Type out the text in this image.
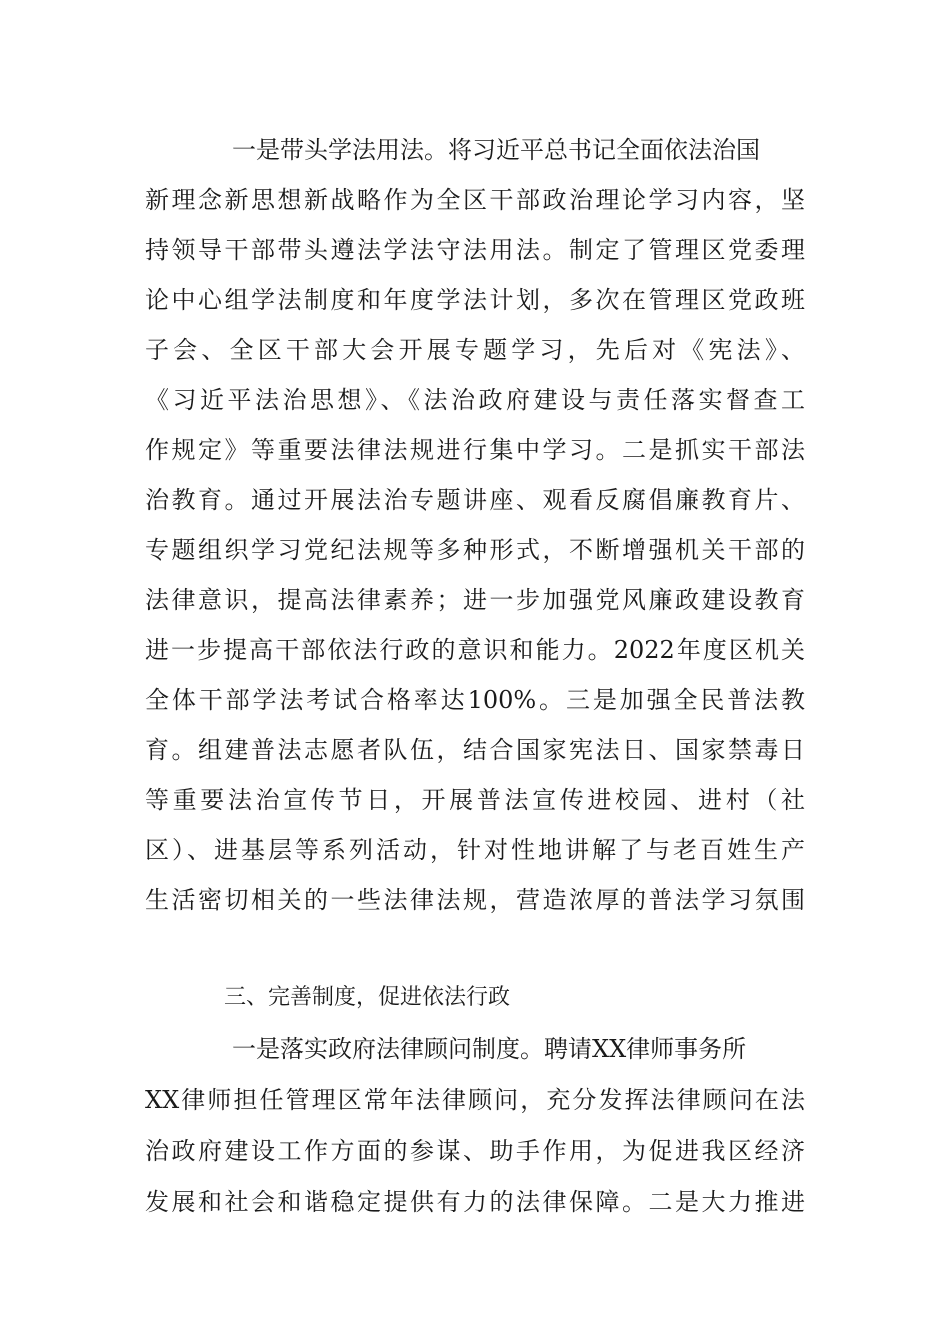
一是带头学法用法。将习近平总书记全面依法治国
新理念新思想新战略作为全区干部政治理论学习内容，坚
持领导干部带头遵法学法守法用法。制定了管理区党委理
论中心组学法制度和年度学法计划，多次在管理区党政班
子会、全区干部大会开展专题学习，先后对《宪法》、
《习近平法治思想》、《法治政府建设与责任落实督查工
作规定》等重要法律法规进行集中学习。二是抓实干部法
治教育。通过开展法治专题讲座、观看反腐倡廉教育片、
专题组织学习党纪法规等多种形式，不断增强机关干部的
法律意识，提高法律素养；进一步加强党风廉政建设教育
进一步提高干部依法行政的意识和能力。2022年度区机关
全体干部学法考试合格率达100%。三是加强全民普法教
育。组建普法志愿者队伍，结合国家宪法日、国家禁毒日
等重要法治宣传节日，开展普法宣传进校园、进村（社
区）、进基层等系列活动，针对性地讲解了与老百姓生产
生活密切相关的一些法律法规，营造浓厚的普法学习氛围
三、完善制度，促进依法行政
一是落实政府法律顾问制度。聘请XX律师事务所
XX律师担任管理区常年法律顾问，充分发挥法律顾问在法
治政府建设工作方面的参谋、助手作用，为促进我区经济
发展和社会和谐稳定提供有力的法律保障。二是大力推进
